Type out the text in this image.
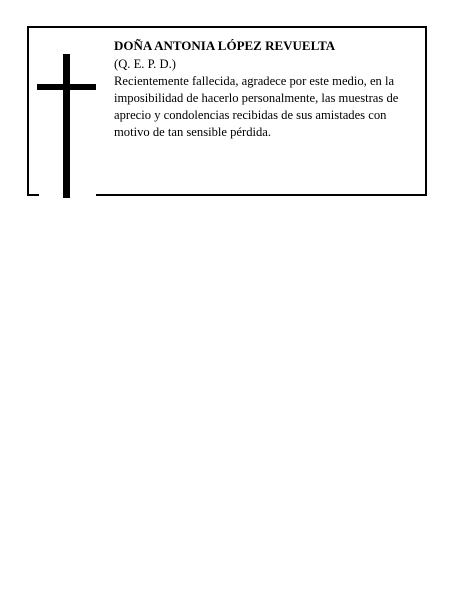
DOÑA ANTONIA LÓPEZ REVUELTA

(Q. E. P. D.)

Recientemente fallecida, agradece por este medio, en la imposibilidad de hacerlo personalmente, las muestras de aprecio y condolencias recibidas de sus amistades con motivo de tan sensible pérdida.
